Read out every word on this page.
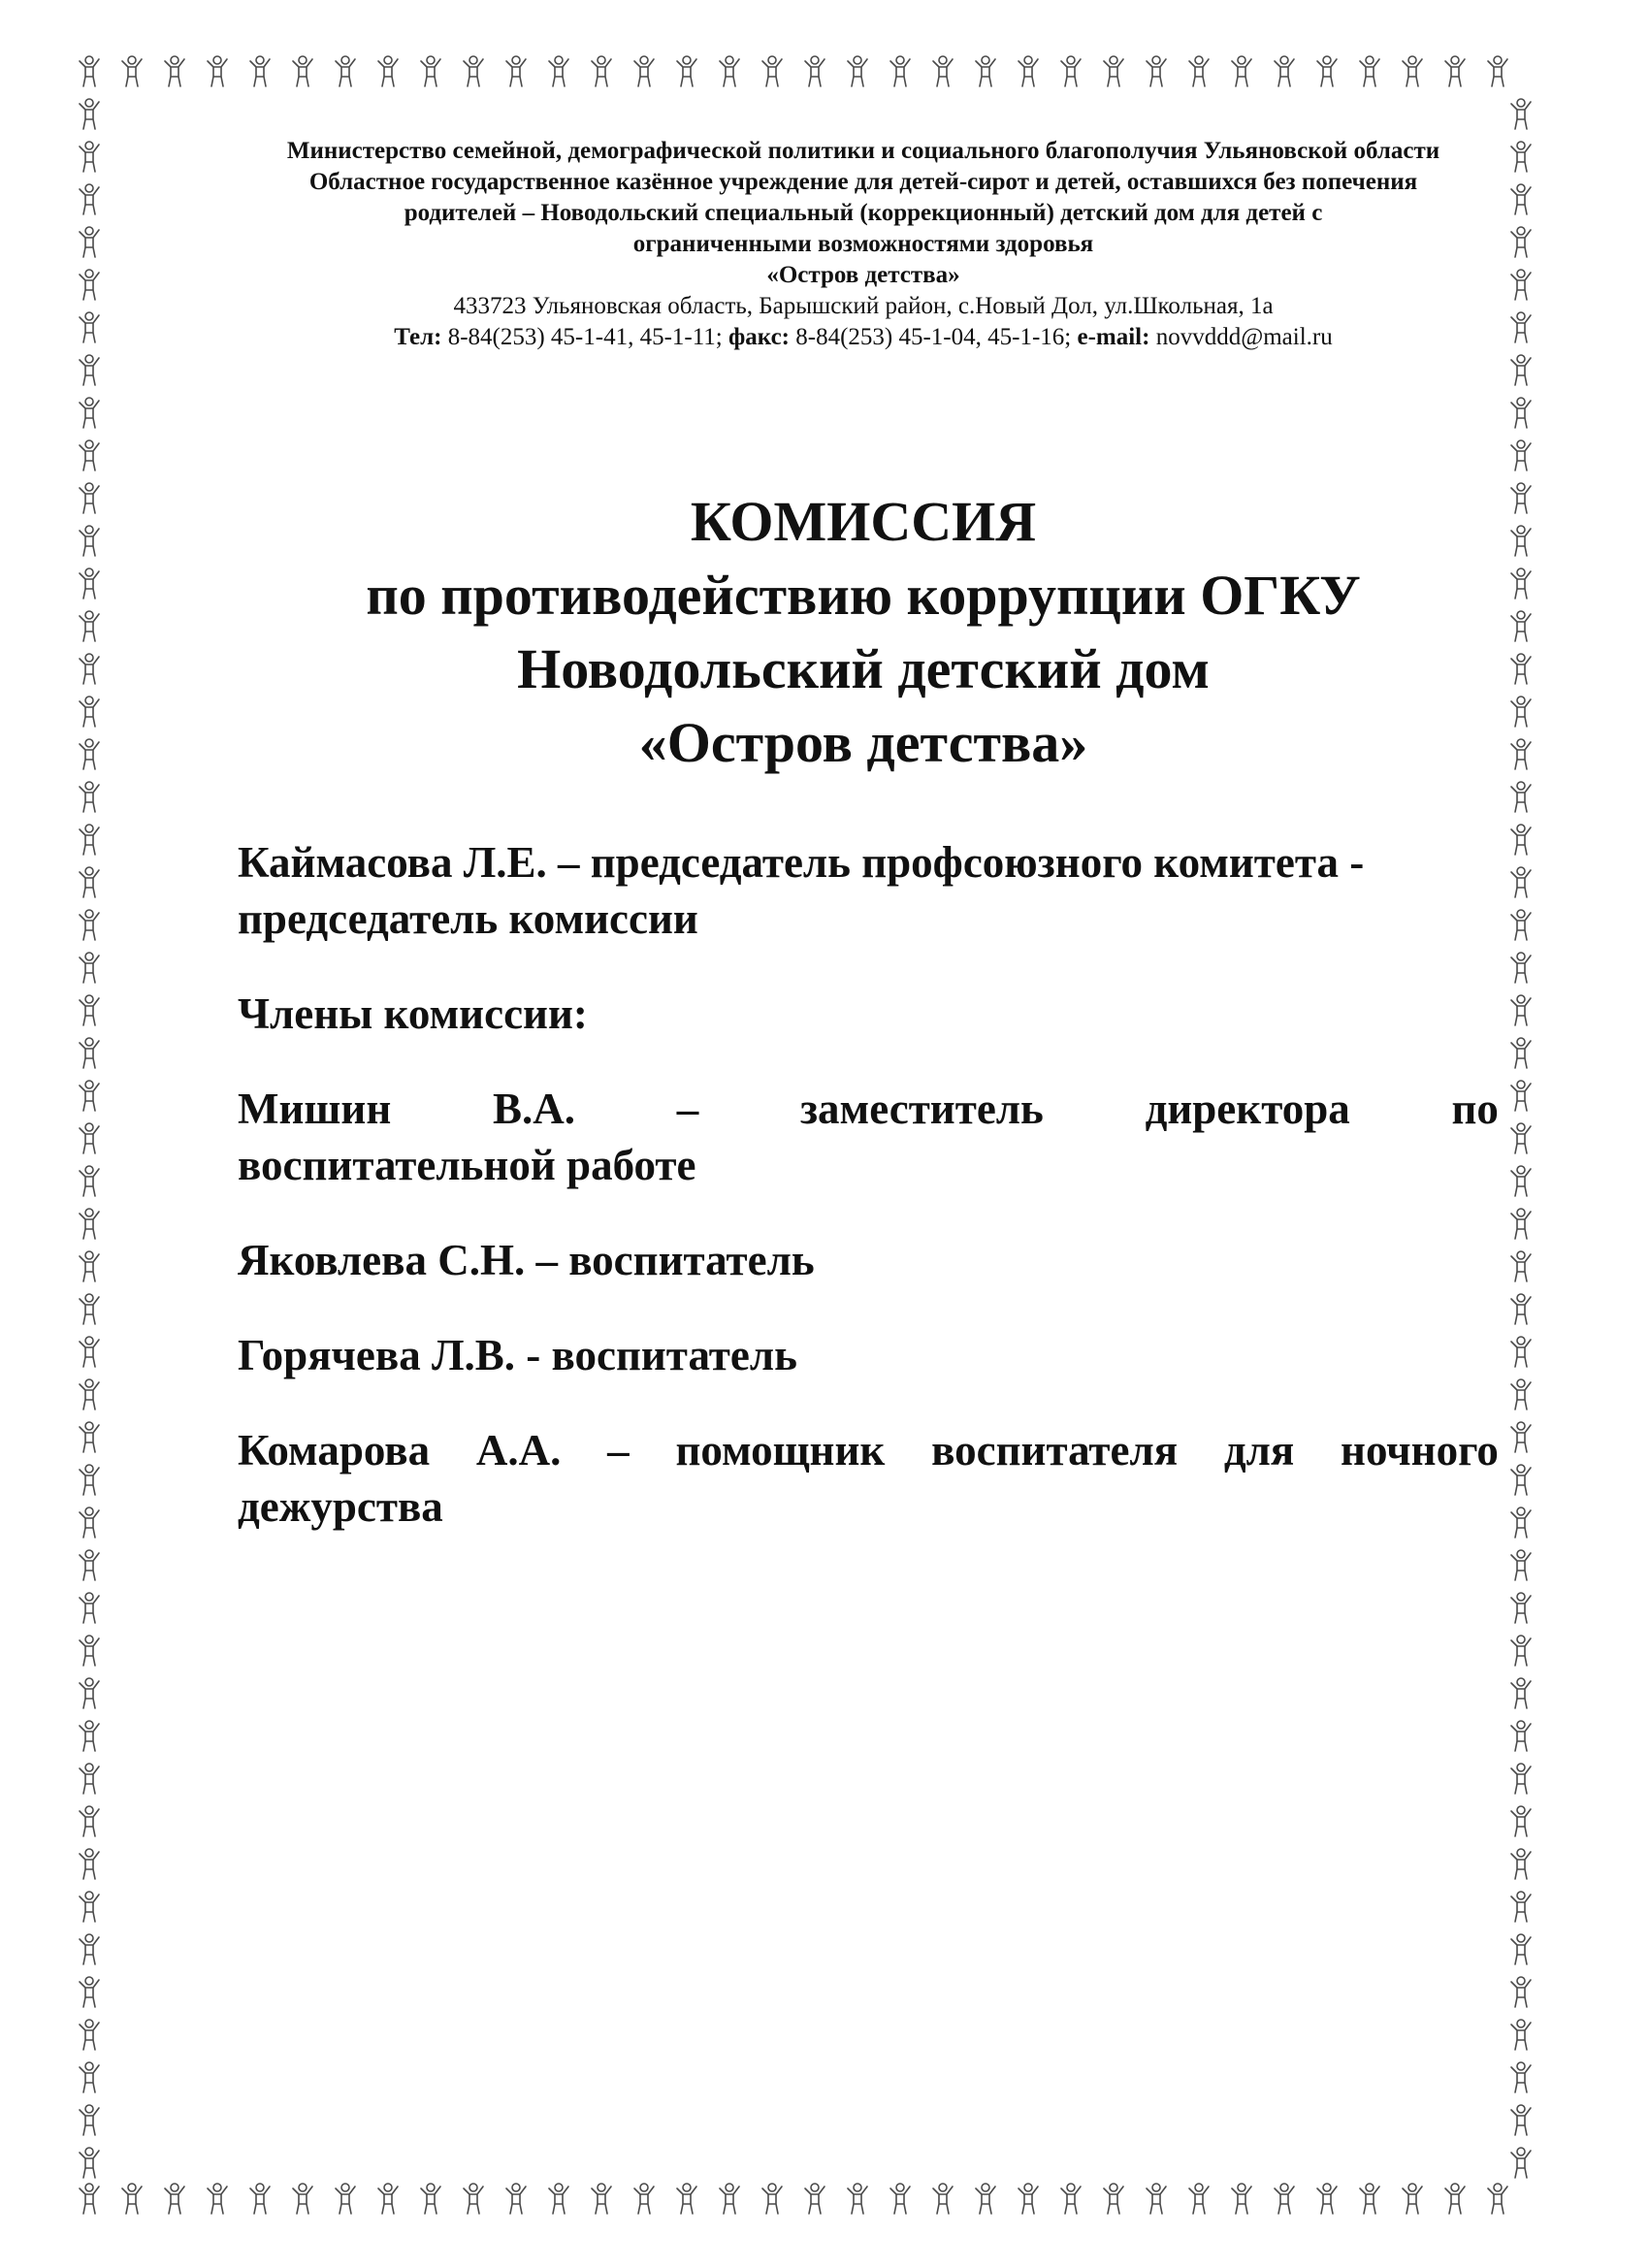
Министерство семейной, демографической политики и социального благополучия Ульяновской области
Областное государственное казённое учреждение для детей-сирот и детей, оставшихся без попечения
родителей – Новодольский специальный (коррекционный) детский дом для детей с
ограниченными возможностями здоровья
«Остров детства»
433723 Ульяновская область, Барышский район, с.Новый Дол, ул.Школьная, 1а
Тел: 8-84(253) 45-1-41, 45-1-11; факс: 8-84(253) 45-1-04, 45-1-16; e-mail: novvddd@mail.ru
КОМИССИЯ
по противодействию коррупции ОГКУ
Новодольский детский дом
«Остров детства»

Каймасова Л.Е. – председатель профсоюзного комитета -
председатель комиссии

Члены комиссии:

Мишин В.А. – заместитель директора по
воспитательной работе

Яковлева С.Н. – воспитатель

Горячева Л.В. - воспитатель

Комарова А.А. – помощник воспитателя для ночного
дежурства
